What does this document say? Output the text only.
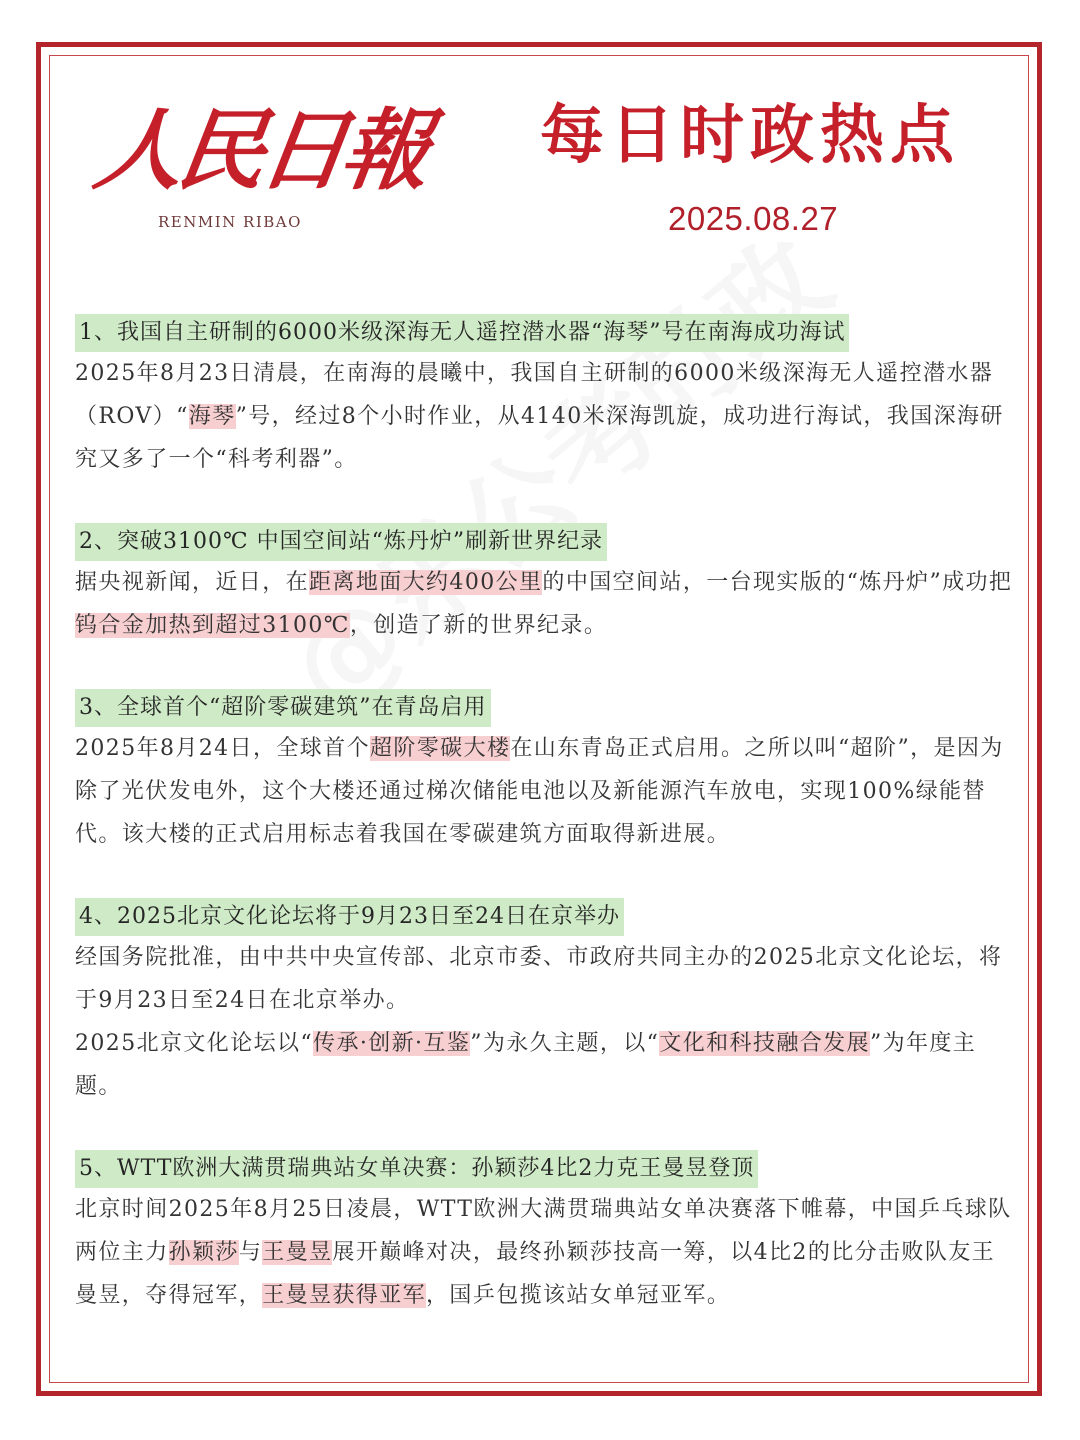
人民日報
RENMIN RIBAO
每日时政热点
2025.08.27
1、我国自主研制的6000米级深海无人遥控潜水器“海琴”号在南海成功海试

2025年8月23日清晨，在南海的晨曦中，我国自主研制的6000米级深海无人遥控潜水器（ROV）“海琴”号，经过8个小时作业，从4140米深海凯旋，成功进行海试，我国深海研究又多了一个“科考利器”。

2、突破3100℃ 中国空间站“炼丹炉”刷新世界纪录

据央视新闻，近日，在距离地面大约400公里的中国空间站，一台现实版的“炼丹炉”成功把钨合金加热到超过3100℃，创造了新的世界纪录。

3、全球首个“超阶零碳建筑”在青岛启用

2025年8月24日，全球首个超阶零碳大楼在山东青岛正式启用。之所以叫“超阶”，是因为除了光伏发电外，这个大楼还通过梯次储能电池以及新能源汽车放电，实现100%绿能替代。该大楼的正式启用标志着我国在零碳建筑方面取得新进展。

4、2025北京文化论坛将于9月23日至24日在京举办

经国务院批准，由中共中央宣传部、北京市委、市政府共同主办的2025北京文化论坛，将于9月23日至24日在北京举办。

2025北京文化论坛以“传承·创新·互鉴”为永久主题，以“文化和科技融合发展”为年度主题。

5、WTT欧洲大满贯瑞典站女单决赛：孙颖莎4比2力克王曼昱登顶

北京时间2025年8月25日凌晨，WTT欧洲大满贯瑞典站女单决赛落下帷幕，中国乒乓球队两位主力孙颖莎与王曼昱展开巅峰对决，最终孙颖莎技高一筹，以4比2的比分击败队友王曼昱，夺得冠军，王曼昱获得亚军，国乒包揽该站女单冠亚军。
